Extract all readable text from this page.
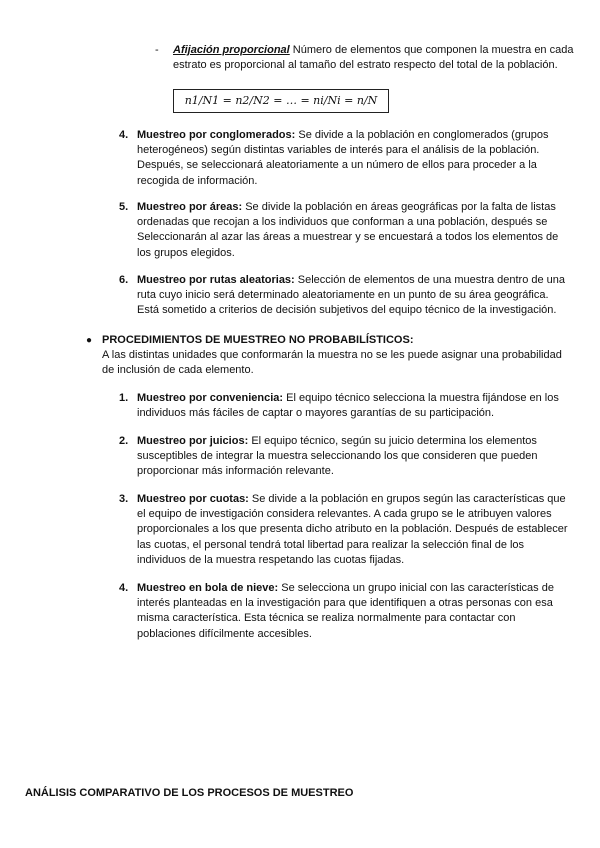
- Afijación proporcional Número de elementos que componen la muestra en cada estrato es proporcional al tamaño del estrato respecto del total de la población.
n1/N1 = n2/N2 = … = ni/Ni = n/N
4. Muestreo por conglomerados: Se divide a la población en conglomerados (grupos heterogéneos) según distintas variables de interés para el análisis de la población. Después, se seleccionará aleatoriamente a un número de ellos para proceder a la recogida de información.
5. Muestreo por áreas: Se divide la población en áreas geográficas por la falta de listas ordenadas que recojan a los individuos que conforman a una población, después se Seleccionarán al azar las áreas a muestrear y se encuestará a todos los elementos de los grupos elegidos.
6. Muestreo por rutas aleatorias: Selección de elementos de una muestra dentro de una ruta cuyo inicio será determinado aleatoriamente en un punto de su área geográfica. Está sometido a criterios de decisión subjetivos del equipo técnico de la investigación.
● PROCEDIMIENTOS DE MUESTREO NO PROBABILÍSTICOS:
A las distintas unidades que conformarán la muestra no se les puede asignar una probabilidad de inclusión de cada elemento.
1. Muestreo por conveniencia: El equipo técnico selecciona la muestra fijándose en los individuos más fáciles de captar o mayores garantías de su participación.
2. Muestreo por juicios: El equipo técnico, según su juicio determina los elementos susceptibles de integrar la muestra seleccionando los que consideren que pueden proporcionar más información relevante.
3. Muestreo por cuotas: Se divide a la población en grupos según las características que el equipo de investigación considera relevantes. A cada grupo se le atribuyen valores proporcionales a los que presenta dicho atributo en la población. Después de establecer las cuotas, el personal tendrá total libertad para realizar la selección final de los individuos de la muestra respetando las cuotas fijadas.
4. Muestreo en bola de nieve: Se selecciona un grupo inicial con las características de interés planteadas en la investigación para que identifiquen a otras personas con esa misma característica. Esta técnica se realiza normalmente para contactar con poblaciones difícilmente accesibles.
ANÁLISIS COMPARATIVO DE LOS PROCESOS DE MUESTREO
